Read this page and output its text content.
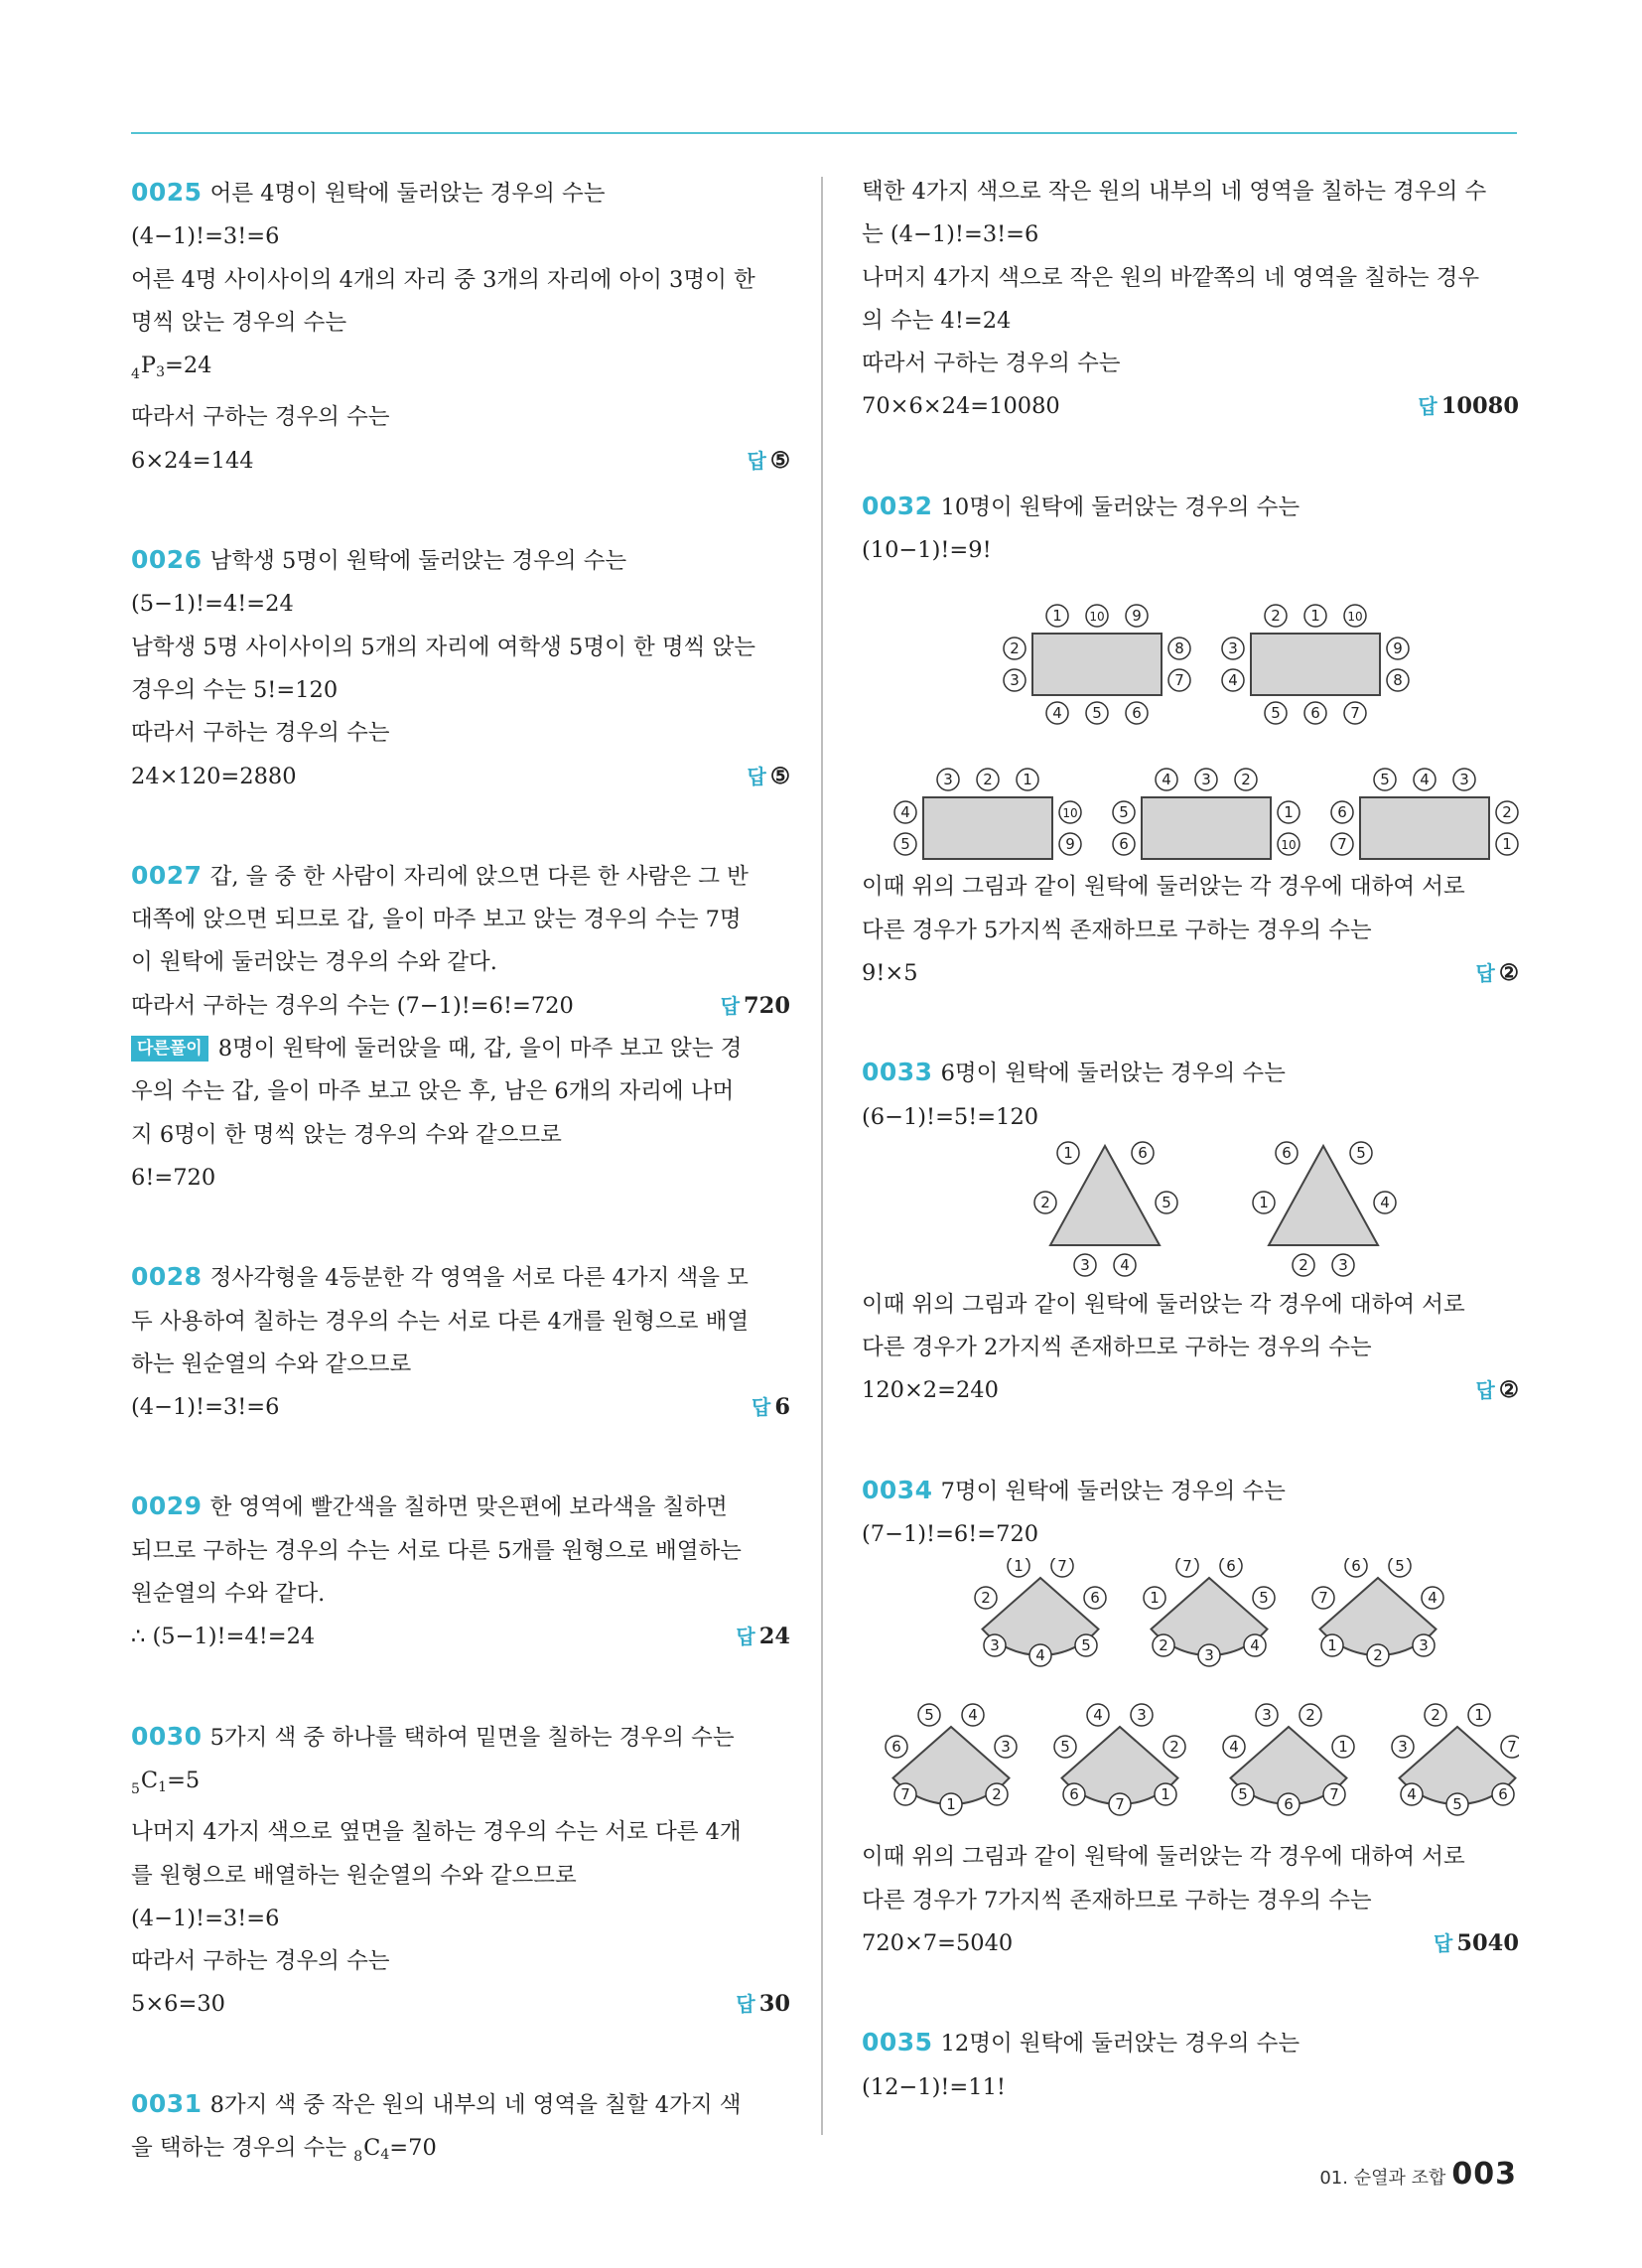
0025 어른 4명이 원탁에 둘러앉는 경우의 수는
(4−1)!=3!=6
어른 4명 사이사이의 4개의 자리 중 3개의 자리에 아이 3명이 한
명씩 앉는 경우의 수는
$_4P_3=24$
따라서 구하는 경우의 수는
6×24=144	답 ⑤
0026 남학생 5명이 원탁에 둘러앉는 경우의 수는
(5−1)!=4!=24
남학생 5명 사이사이의 5개의 자리에 여학생 5명이 한 명씩 앉는
경우의 수는 5!=120
따라서 구하는 경우의 수는
24×120=2880	답 ⑤
0027 갑, 을 중 한 사람이 자리에 앉으면 다른 한 사람은 그 반
대쪽에 앉으면 되므로 갑, 을이 마주 보고 앉는 경우의 수는 7명
이 원탁에 둘러앉는 경우의 수와 같다.
따라서 구하는 경우의 수는 (7−1)!=6!=720	답 720
다른풀이 8명이 원탁에 둘러앉을 때, 갑, 을이 마주 보고 앉는 경
우의 수는 갑, 을이 마주 보고 앉은 후, 남은 6개의 자리에 나머
지 6명이 한 명씩 앉는 경우의 수와 같으므로
6!=720
0028 정사각형을 4등분한 각 영역을 서로 다른 4가지 색을 모
두 사용하여 칠하는 경우의 수는 서로 다른 4개를 원형으로 배열
하는 원순열의 수와 같으므로
(4−1)!=3!=6	답 6
0029 한 영역에 빨간색을 칠하면 맞은편에 보라색을 칠하면
되므로 구하는 경우의 수는 서로 다른 5개를 원형으로 배열하는
원순열의 수와 같다.
∴ (5−1)!=4!=24	답 24
0030 5가지 색 중 하나를 택하여 밑면을 칠하는 경우의 수는
$_5C_1=5$
나머지 4가지 색으로 옆면을 칠하는 경우의 수는 서로 다른 4개
를 원형으로 배열하는 원순열의 수와 같으므로
(4−1)!=3!=6
따라서 구하는 경우의 수는
5×6=30	답 30
0031 8가지 색 중 작은 원의 내부의 네 영역을 칠할 4가지 색
을 택하는 경우의 수는 $_8C_4=70$
택한 4가지 색으로 작은 원의 내부의 네 영역을 칠하는 경우의 수
는 (4−1)!=3!=6
나머지 4가지 색으로 작은 원의 바깥쪽의 네 영역을 칠하는 경우
의 수는 4!=24
따라서 구하는 경우의 수는
70×6×24=10080	답 10080
0032 10명이 원탁에 둘러앉는 경우의 수는
(10−1)!=9!
1 10 9
4 5 6
2
3
8
7
2 1 10
5 6 7
3
4
9
8
3 2 1
4
5
10
9
4 3 2
5
6
1
10
5 4 3
6
7
2
1
이때 위의 그림과 같이 원탁에 둘러앉는 각 경우에 대하여 서로
다른 경우가 5가지씩 존재하므로 구하는 경우의 수는
9!×5	답 ②
0033 6명이 원탁에 둘러앉는 경우의 수는
(6−1)!=5!=120
1	6
2	5
3 4
6	5
1	4
2 3
이때 위의 그림과 같이 원탁에 둘러앉는 각 경우에 대하여 서로
다른 경우가 2가지씩 존재하므로 구하는 경우의 수는
120×2=240	답 ②
0034 7명이 원탁에 둘러앉는 경우의 수는
(7−1)!=6!=720
1 7
2	6
3
4
5
7 6
1	5
2
3
4
6 5
7	4
1
2
3
5 4
6	3
7
1
2
4 3
5	2
6
7
1
3 2
4	1
5
6
7
2 1
3	7
4
5
6
이때 위의 그림과 같이 원탁에 둘러앉는 각 경우에 대하여 서로
다른 경우가 7가지씩 존재하므로 구하는 경우의 수는
720×7=5040	답 5040
0035 12명이 원탁에 둘러앉는 경우의 수는
(12−1)!=11!
01. 순열과 조합 003
